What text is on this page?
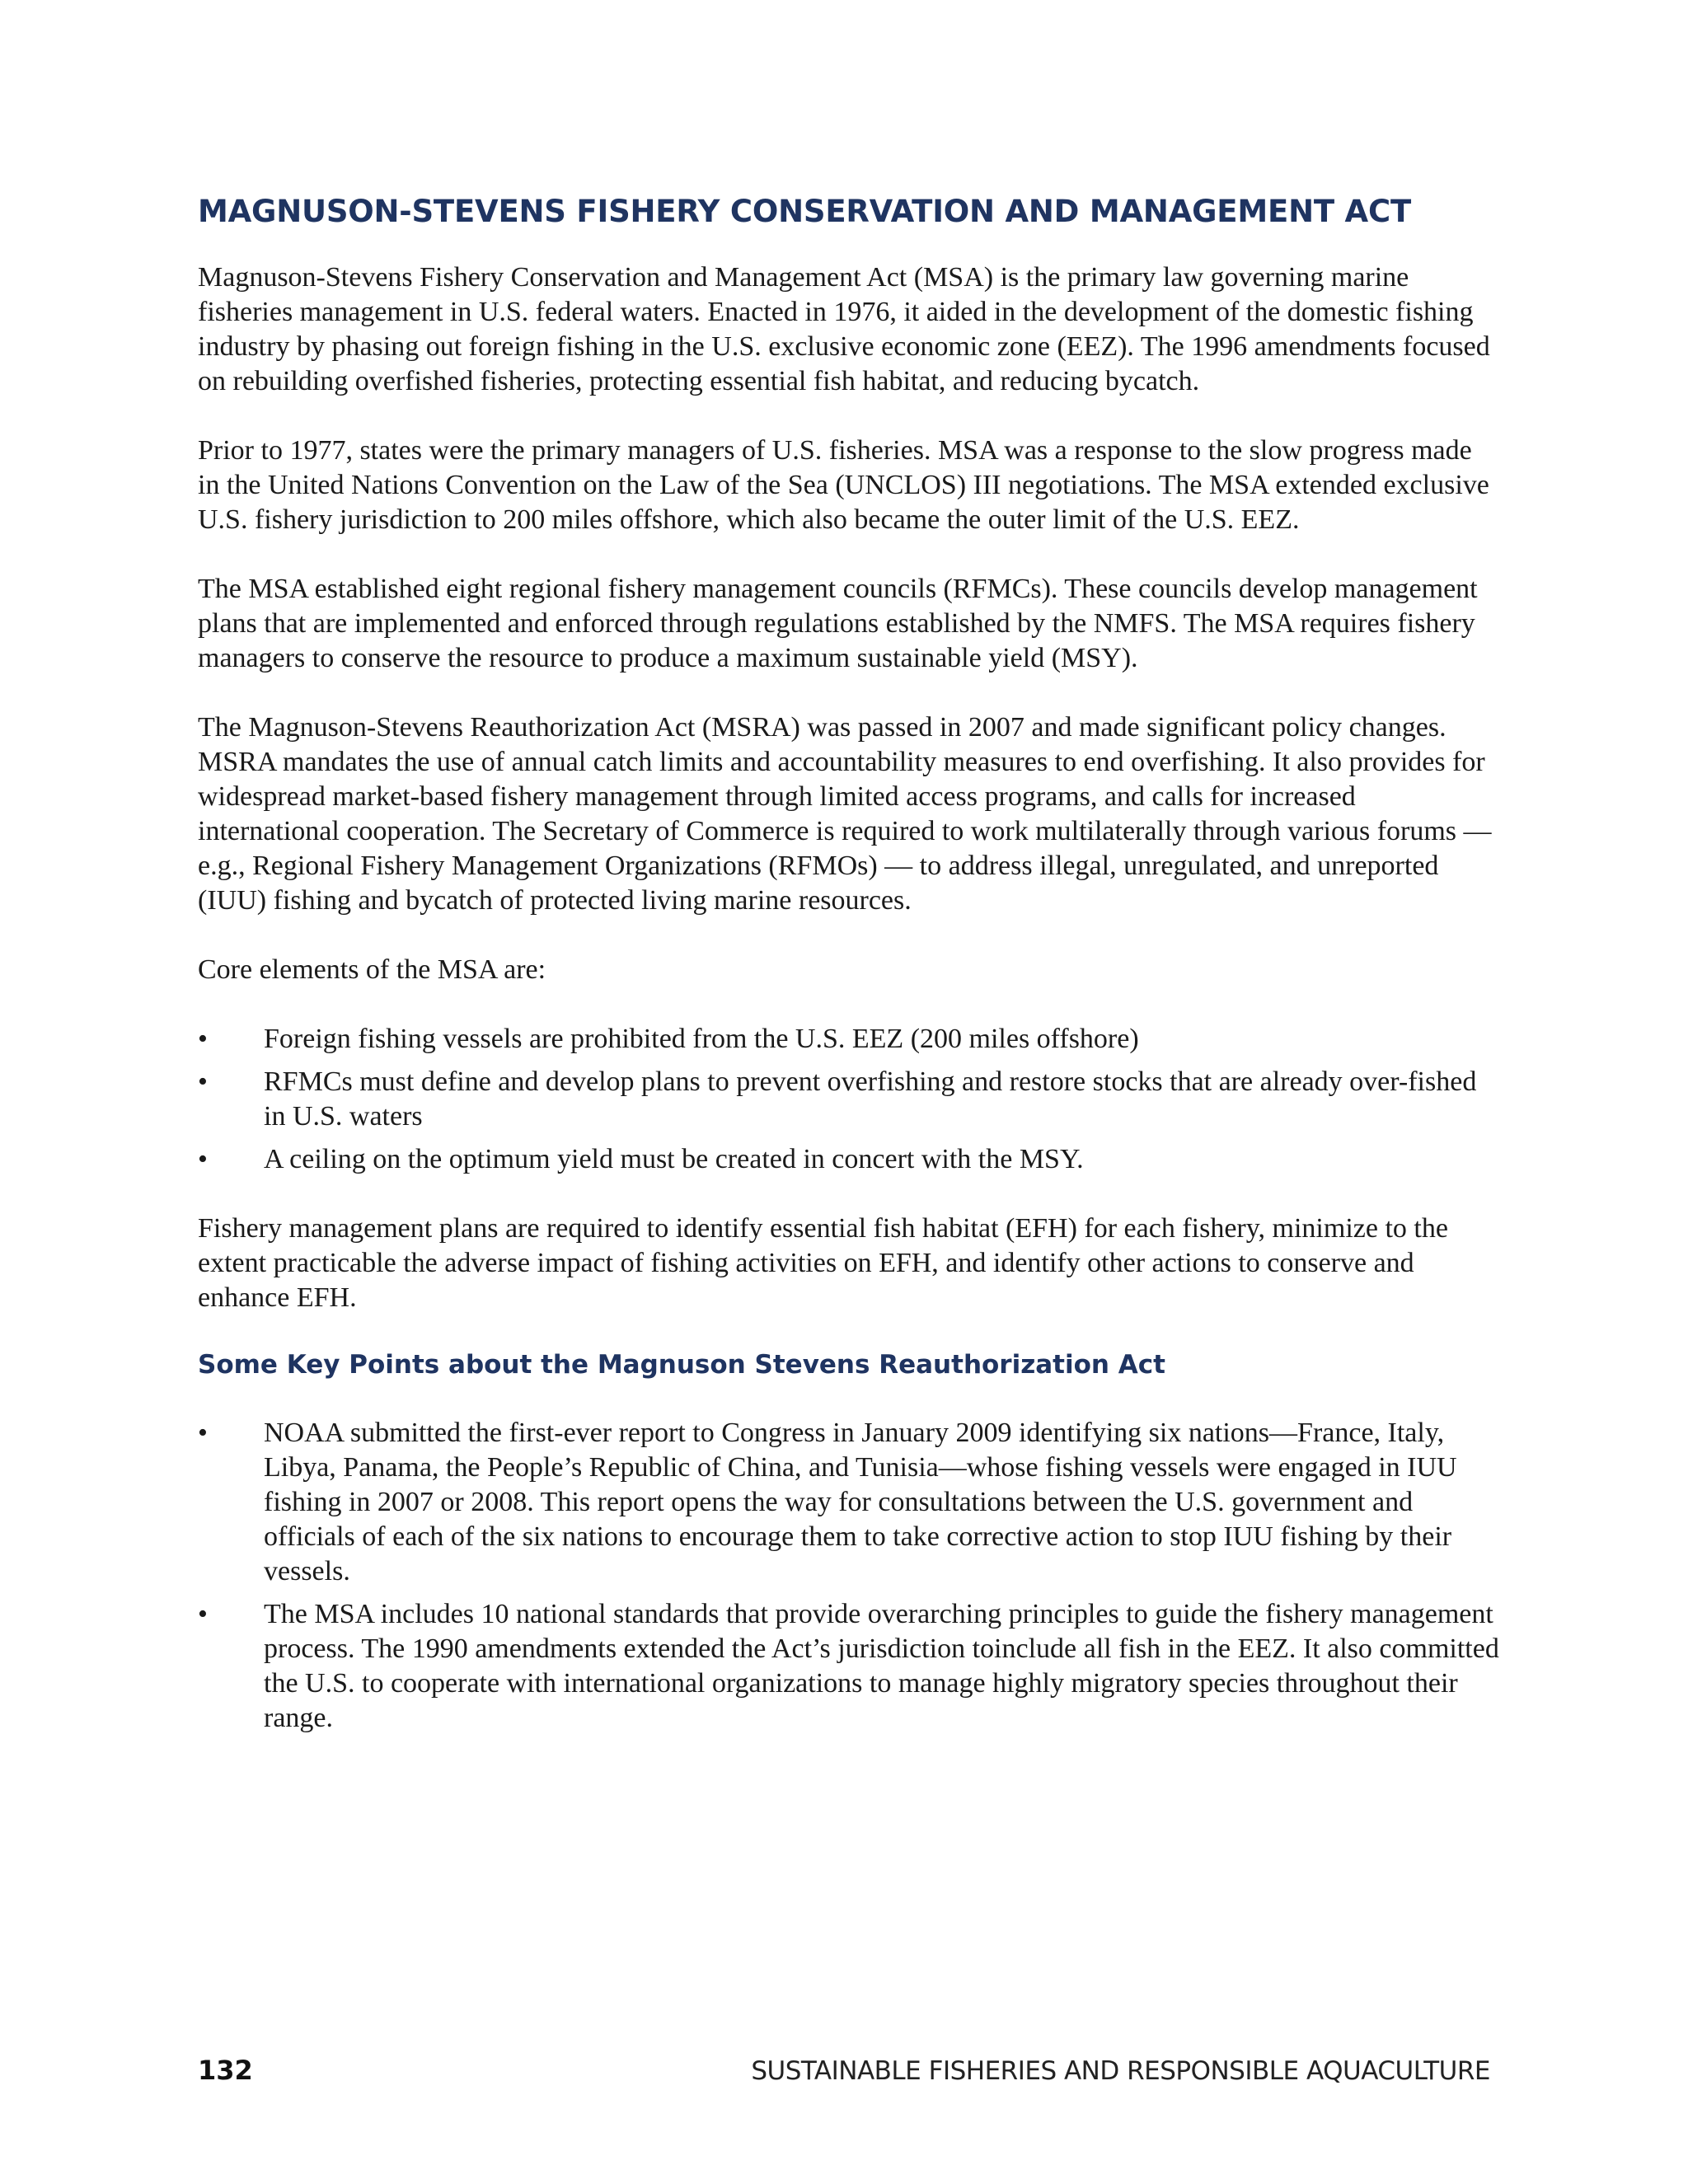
MAGNUSON-STEVENS FISHERY CONSERVATION AND MANAGEMENT ACT

Magnuson-Stevens Fishery Conservation and Management Act (MSA) is the primary law governing marine fisheries management in U.S. federal waters. Enacted in 1976, it aided in the development of the domestic fishing industry by phasing out foreign fishing in the U.S. exclusive economic zone (EEZ). The 1996 amendments focused on rebuilding overfished fisheries, protecting essential fish habitat, and reducing bycatch.

Prior to 1977, states were the primary managers of U.S. fisheries. MSA was a response to the slow progress made in the United Nations Convention on the Law of the Sea (UNCLOS) III negotiations. The MSA extended exclusive U.S. fishery jurisdiction to 200 miles offshore, which also became the outer limit of the U.S. EEZ.

The MSA established eight regional fishery management councils (RFMCs). These councils develop management plans that are implemented and enforced through regulations established by the NMFS. The MSA requires fishery managers to conserve the resource to produce a maximum sustainable yield (MSY).

The Magnuson-Stevens Reauthorization Act (MSRA) was passed in 2007 and made significant policy changes. MSRA mandates the use of annual catch limits and accountability measures to end overfishing. It also provides for widespread market-based fishery management through limited access programs, and calls for increased international cooperation. The Secretary of Commerce is required to work multilaterally through various forums — e.g., Regional Fishery Management Organizations (RFMOs) — to address illegal, unregulated, and unreported (IUU) fishing and bycatch of protected living marine resources.

Core elements of the MSA are:

• Foreign fishing vessels are prohibited from the U.S. EEZ (200 miles offshore)
• RFMCs must define and develop plans to prevent overfishing and restore stocks that are already over-fished in U.S. waters
• A ceiling on the optimum yield must be created in concert with the MSY.

Fishery management plans are required to identify essential fish habitat (EFH) for each fishery, minimize to the extent practicable the adverse impact of fishing activities on EFH, and identify other actions to conserve and enhance EFH.

Some Key Points about the Magnuson Stevens Reauthorization Act
• NOAA submitted the first-ever report to Congress in January 2009 identifying six nations—France, Italy, Libya, Panama, the People’s Republic of China, and Tunisia—whose fishing vessels were engaged in IUU fishing in 2007 or 2008. This report opens the way for consultations between the U.S. government and officials of each of the six nations to encourage them to take corrective action to stop IUU fishing by their vessels.
• The MSA includes 10 national standards that provide overarching principles to guide the fishery management process. The 1990 amendments extended the Act’s jurisdiction toinclude all fish in the EEZ. It also committed the U.S. to cooperate with international organizations to manage highly migratory species throughout their range.
132	SUSTAINABLE FISHERIES AND RESPONSIBLE AQUACULTURE
